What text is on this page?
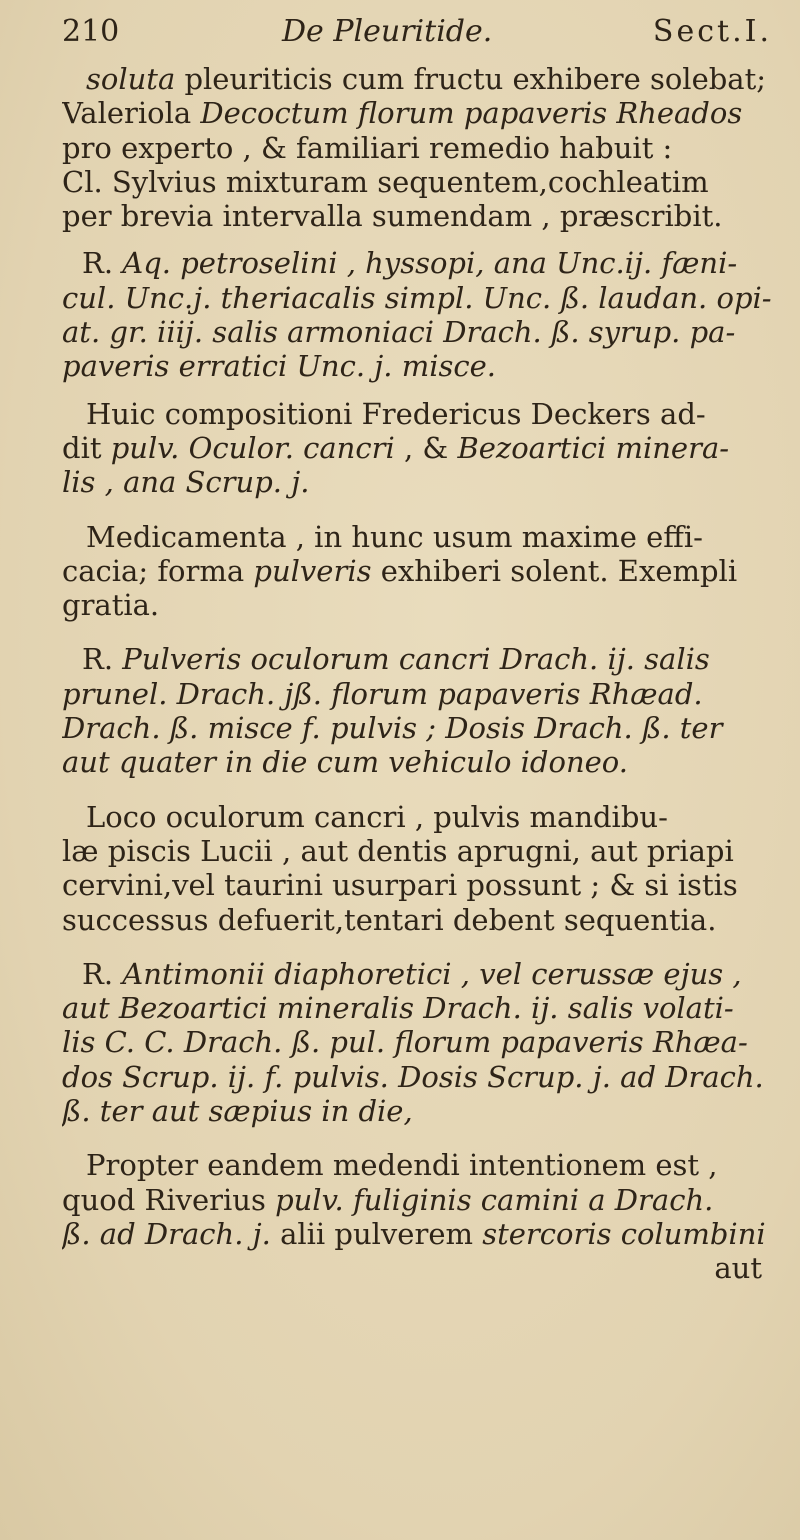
210	De Pleuritide.	Sect.I.
soluta pleuriticis cum fructu exhibere solebat;
Valeriola Decoctum florum papaveris Rheados
pro experto , & familiari remedio habuit :
Cl. Sylvius mixturam sequentem,cochleatim
per brevia intervalla sumendam , præscribit.
R. Aq. petroselini , hyssopi, ana Unc.ij. fæni-
cul. Unc.j. theriacalis simpl. Unc. ß. laudan. opi-
at. gr. iiij. salis armoniaci Drach. ß. syrup. pa-
paveris erratici Unc. j. misce.
Huic compositioni Fredericus Deckers ad-
dit pulv. Oculor. cancri , & Bezoartici minera-
lis , ana Scrup. j.
Medicamenta , in hunc usum maxime effi-
cacia; forma pulveris exhiberi solent. Exempli
gratia.
R. Pulveris oculorum cancri Drach. ij. salis
prunel. Drach. jß. florum papaveris Rhæad.
Drach. ß. misce f. pulvis ; Dosis Drach. ß. ter
aut quater in die cum vehiculo idoneo.
Loco oculorum cancri , pulvis mandibu-
læ piscis Lucii , aut dentis aprugni, aut priapi
cervini,vel taurini usurpari possunt ; & si istis
successus defuerit,tentari debent sequentia.
R. Antimonii diaphoretici , vel cerussæ ejus ,
aut Bezoartici mineralis Drach. ij. salis volati-
lis C. C. Drach. ß. pul. florum papaveris Rhæa-
dos Scrup. ij. f. pulvis. Dosis Scrup. j. ad Drach.
ß. ter aut sæpius in die,
Propter eandem medendi intentionem est ,
quod Riverius pulv. fuliginis camini a Drach.
ß. ad Drach. j. alii pulverem stercoris columbini
aut
